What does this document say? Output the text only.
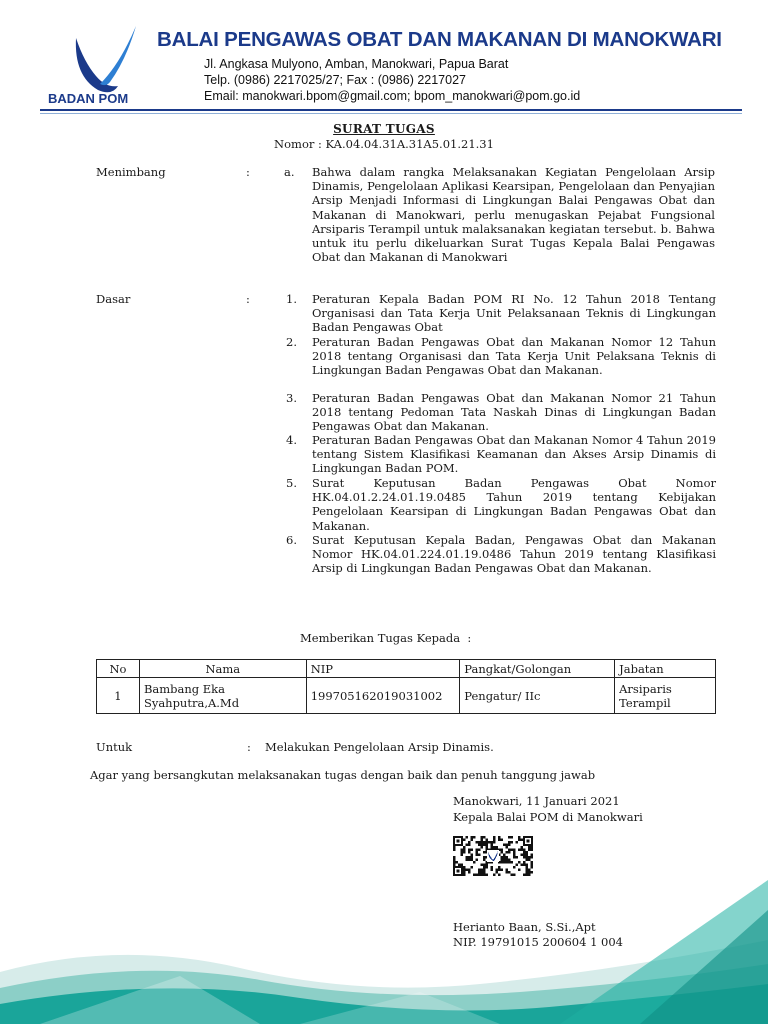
BADAN POM
BALAI PENGAWAS OBAT DAN MAKANAN DI MANOKWARI
Jl. Angkasa Mulyono, Amban, Manokwari, Papua Barat
Telp. (0986) 2217025/27; Fax : (0986) 2217027
Email: manokwari.bpom@gmail.com; bpom_manokwari@pom.go.id
SURAT TUGAS
Nomor : KA.04.04.31A.31A5.01.21.31
Menimbang	:	a. Bahwa dalam rangka Melaksanakan Kegiatan Pengelolaan Arsip Dinamis, Pengelolaan Aplikasi Kearsipan, Pengelolaan dan Penyajian Arsip Menjadi Informasi di Lingkungan Balai Pengawas Obat dan Makanan di Manokwari, perlu menugaskan Pejabat Fungsional Arsiparis Terampil untuk malaksanakan kegiatan tersebut. b. Bahwa untuk itu perlu dikeluarkan Surat Tugas Kepala Balai Pengawas Obat dan Makanan di Manokwari
Dasar	:	1. Peraturan Kepala Badan POM RI No. 12 Tahun 2018 Tentang Organisasi dan Tata Kerja Unit Pelaksanaan Teknis di Lingkungan Badan Pengawas Obat
2. Peraturan Badan Pengawas Obat dan Makanan Nomor 12 Tahun 2018 tentang Organisasi dan Tata Kerja Unit Pelaksana Teknis di Lingkungan Badan Pengawas Obat dan Makanan.
3. Peraturan Badan Pengawas Obat dan Makanan Nomor 21 Tahun 2018 tentang Pedoman Tata Naskah Dinas di Lingkungan Badan Pengawas Obat dan Makanan.
4. Peraturan Badan Pengawas Obat dan Makanan Nomor 4 Tahun 2019 tentang Sistem Klasifikasi Keamanan dan Akses Arsip Dinamis di Lingkungan Badan POM.
5. Surat Keputusan Badan Pengawas Obat Nomor HK.04.01.2.24.01.19.0485 Tahun 2019 tentang Kebijakan Pengelolaan Kearsipan di Lingkungan Badan Pengawas Obat dan Makanan.
6. Surat Keputusan Kepala Badan, Pengawas Obat dan Makanan Nomor HK.04.01.224.01.19.0486 Tahun 2019 tentang Klasifikasi Arsip di Lingkungan Badan Pengawas Obat dan Makanan.
Memberikan Tugas Kepada  :
No	Nama	NIP	Pangkat/Golongan	Jabatan
1	Bambang Eka Syahputra,A.Md	199705162019031002	Pengatur/ IIc	Arsiparis Terampil
Untuk	: Melakukan Pengelolaan Arsip Dinamis.
Agar yang bersangkutan melaksanakan tugas dengan baik dan penuh tanggung jawab
Manokwari, 11 Januari 2021
Kepala Balai POM di Manokwari
Herianto Baan, S.Si.,Apt
NIP. 19791015 200604 1 004
